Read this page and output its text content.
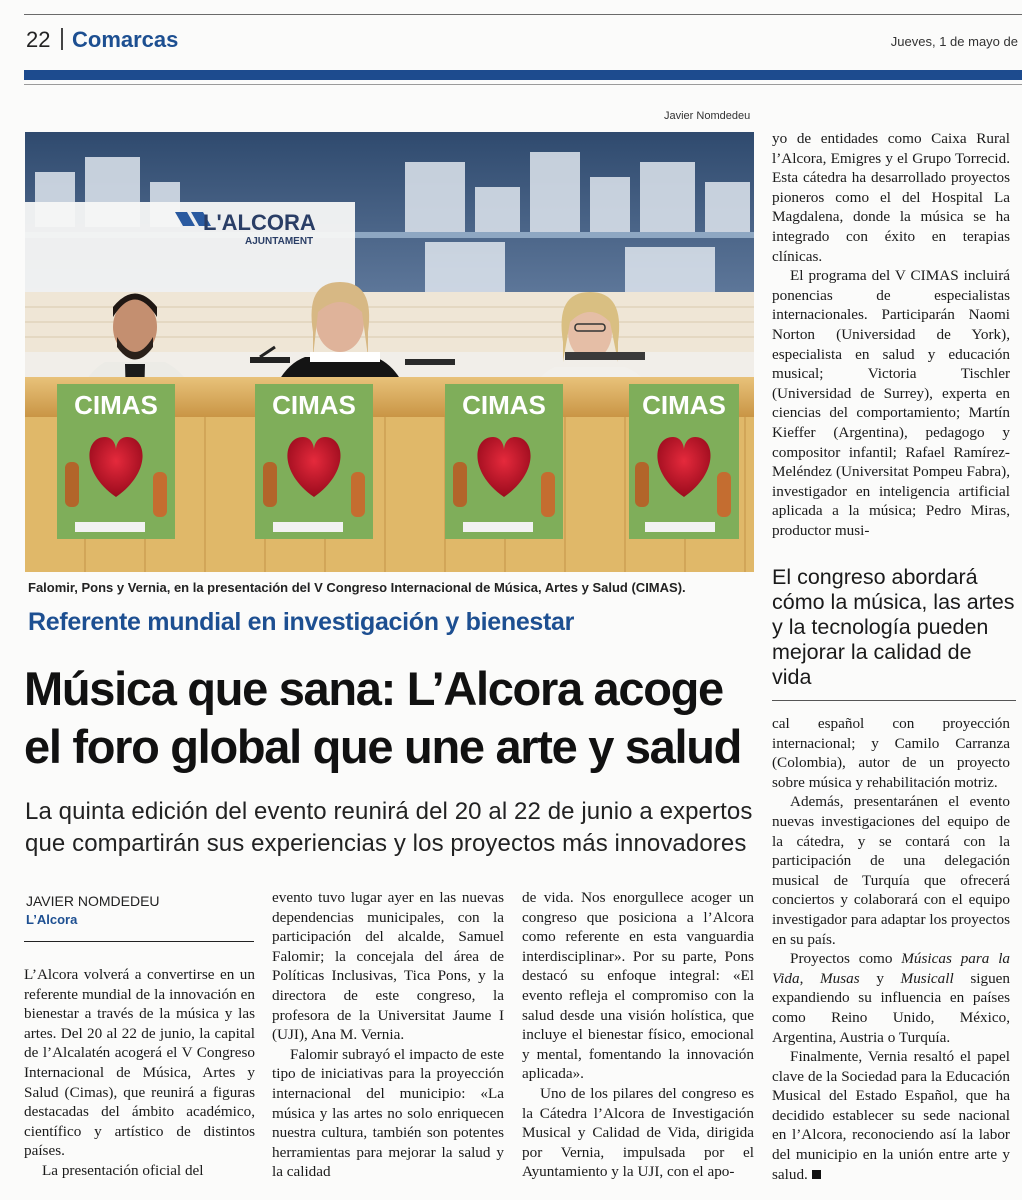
22 Comarcas	Jueves, 1 de mayo de
Javier Nomdedeu
L'ALCORA
AJUNTAMENT
CIMAS	CIMAS	CIMAS	CIMAS
Falomir, Pons y Vernia, en la presentación del V Congreso Internacional de Música, Artes y Salud (CIMAS).
Referente mundial en investigación y bienestar
Música que sana: L’Alcora acoge
el foro global que une arte y salud
La quinta edición del evento reunirá del 20 al 22 de junio a expertos
que compartirán sus experiencias y los proyectos más innovadores
JAVIER NOMDEDEU
L’Alcora

L’Alcora volverá a convertirse en un referente mundial de la innovación en bienestar a través de la música y las artes. Del 20 al 22 de junio, la capital de l’Alcalatén acogerá el V Congreso Internacional de Música, Artes y Salud (Cimas), que reunirá a figuras destacadas del ámbito académico, científico y artístico de distintos países.

La presentación oficial del

evento tuvo lugar ayer en las nuevas dependencias municipales, con la participación del alcalde, Samuel Falomir; la concejala del área de Políticas Inclusivas, Tica Pons, y la directora de este congreso, la profesora de la Universitat Jaume I (UJI), Ana M. Vernia.

Falomir subrayó el impacto de este tipo de iniciativas para la proyección internacional del municipio: «La música y las artes no solo enriquecen nuestra cultura, también son potentes herramientas para mejorar la salud y la calidad

de vida. Nos enorgullece acoger un congreso que posiciona a l’Alcora como referente en esta vanguardia interdisciplinar». Por su parte, Pons destacó su enfoque integral: «El evento refleja el compromiso con la salud desde una visión holística, que incluye el bienestar físico, emocional y mental, fomentando la innovación aplicada».

Uno de los pilares del congreso es la Cátedra l’Alcora de Investigación Musical y Calidad de Vida, dirigida por Vernia, impulsada por el Ayuntamiento y la UJI, con el apo-

yo de entidades como Caixa Rural l’Alcora, Emigres y el Grupo Torrecid. Esta cátedra ha desarrollado proyectos pioneros como el del Hospital La Magdalena, donde la música se ha integrado con éxito en terapias clínicas.

El programa del V CIMAS incluirá ponencias de especialistas internacionales. Participarán Naomi Norton (Universidad de York), especialista en salud y educación musical; Victoria Tischler (Universidad de Surrey), experta en ciencias del comportamiento; Martín Kieffer (Argentina), pedagogo y compositor infantil; Rafael Ramírez-Meléndez (Universitat Pompeu Fabra), investigador en inteligencia artificial aplicada a la música; Pedro Miras, productor musi-

El congreso abordará cómo la música, las artes y la tecnología pueden mejorar la calidad de vida

cal español con proyección internacional; y Camilo Carranza (Colombia), autor de un proyecto sobre música y rehabilitación motriz.

Además, presentaránen el evento nuevas investigaciones del equipo de la cátedra, y se contará con la participación de una delegación musical de Turquía que ofrecerá conciertos y colaborará con el equipo investigador para adaptar los proyectos en su país.

Proyectos como Músicas para la Vida, Musas y Musicall siguen expandiendo su influencia en países como Reino Unido, México, Argentina, Austria o Turquía.

Finalmente, Vernia resaltó el papel clave de la Sociedad para la Educación Musical del Estado Español, que ha decidido establecer su sede nacional en l’Alcora, reconociendo así la labor del municipio en la unión entre arte y salud.
